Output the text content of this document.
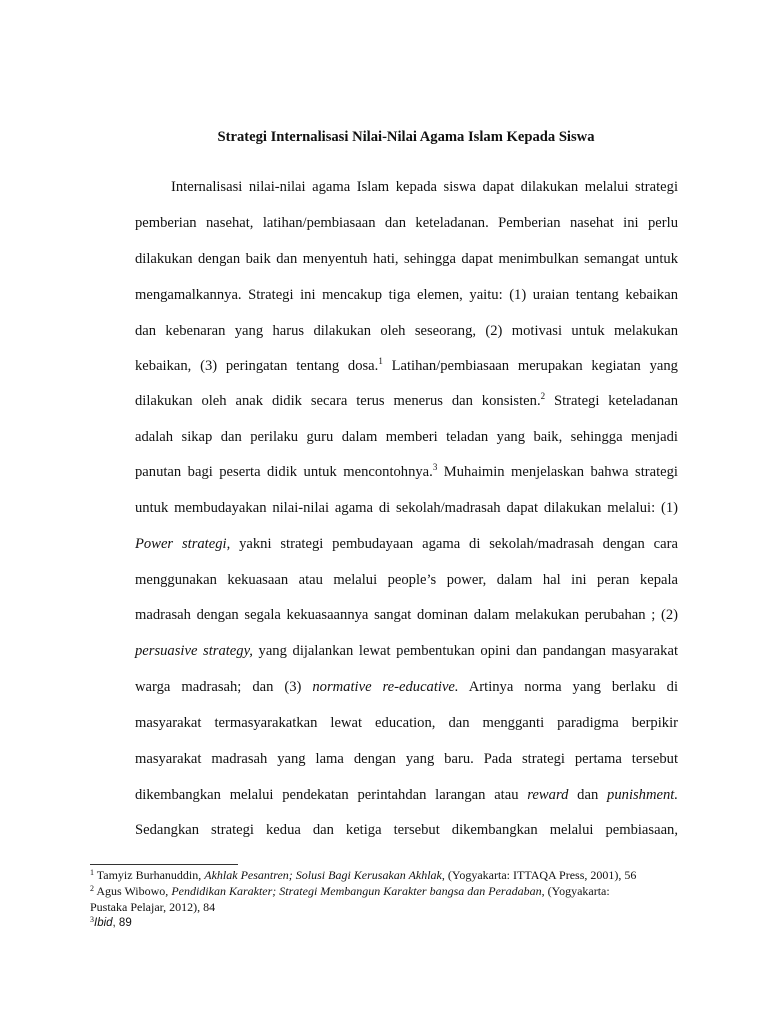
Strategi Internalisasi Nilai-Nilai Agama Islam Kepada Siswa
Internalisasi nilai-nilai agama Islam kepada siswa dapat dilakukan melalui strategi
pemberian nasehat, latihan/pembiasaan dan keteladanan. Pemberian nasehat ini perlu
dilakukan dengan baik dan menyentuh hati, sehingga dapat menimbulkan semangat untuk
mengamalkannya. Strategi ini mencakup tiga elemen, yaitu: (1) uraian tentang kebaikan
dan kebenaran yang harus dilakukan oleh seseorang, (2) motivasi untuk melakukan
kebaikan, (3) peringatan tentang dosa.$^1$ Latihan/pembiasaan merupakan kegiatan yang
dilakukan oleh anak didik secara terus menerus dan konsisten.$^2$ Strategi keteladanan
adalah sikap dan perilaku guru dalam memberi teladan yang baik, sehingga menjadi
panutan bagi peserta didik untuk mencontohnya.$^3$ Muhaimin menjelaskan bahwa strategi
untuk membudayakan nilai-nilai agama di sekolah/madrasah dapat dilakukan melalui: (1)
Power strategi, yakni strategi pembudayaan agama di sekolah/madrasah dengan cara
menggunakan kekuasaan atau melalui people’s power, dalam hal ini peran kepala
madrasah dengan segala kekuasaannya sangat dominan dalam melakukan perubahan ; (2)
persuasive strategy, yang dijalankan lewat pembentukan opini dan pandangan masyarakat
warga madrasah; dan (3) normative re-educative. Artinya norma yang berlaku di
masyarakat termasyarakatkan lewat education, dan mengganti paradigma berpikir
masyarakat madrasah yang lama dengan yang baru. Pada strategi pertama tersebut
dikembangkan melalui pendekatan perintahdan larangan atau reward dan punishment.
Sedangkan strategi kedua dan ketiga tersebut dikembangkan melalui pembiasaan,
$^1$ Tamyiz Burhanuddin, Akhlak Pesantren; Solusi Bagi Kerusakan Akhlak, (Yogyakarta: ITTAQA Press, 2001), 56
$^2$ Agus Wibowo, Pendidikan Karakter; Strategi Membangun Karakter bangsa dan Peradaban, (Yogyakarta:
Pustaka Pelajar, 2012), 84
$^3$Ibid, 89
